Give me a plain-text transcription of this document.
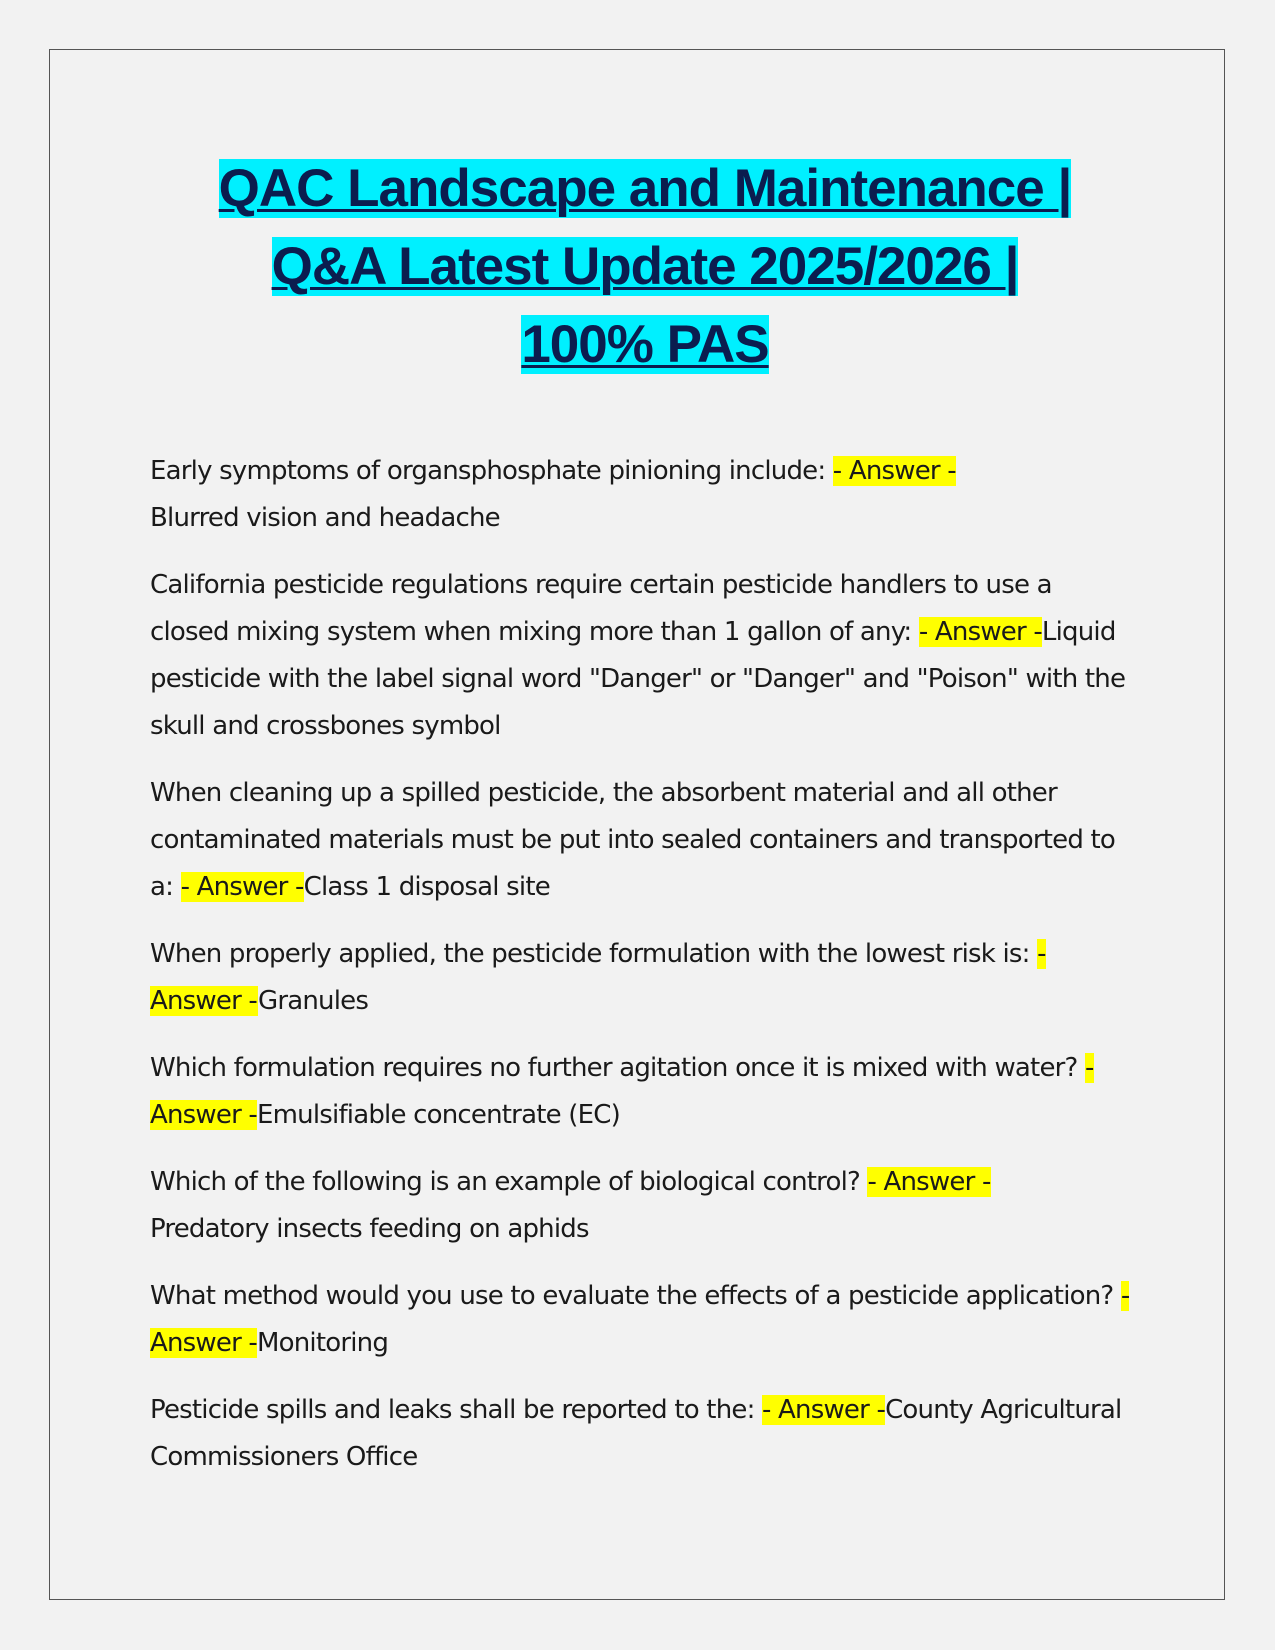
QAC Landscape and Maintenance |
Q&A Latest Update 2025/2026 |
100% PAS

Early symptoms of organsphosphate pinioning include: - Answer -
Blurred vision and headache

California pesticide regulations require certain pesticide handlers to use a closed mixing system when mixing more than 1 gallon of any: - Answer -Liquid pesticide with the label signal word "Danger" or "Danger" and "Poison" with the skull and crossbones symbol

When cleaning up a spilled pesticide, the absorbent material and all other contaminated materials must be put into sealed containers and transported to a: - Answer -Class 1 disposal site

When properly applied, the pesticide formulation with the lowest risk is: - Answer -Granules

Which formulation requires no further agitation once it is mixed with water? - Answer -Emulsifiable concentrate (EC)

Which of the following is an example of biological control? - Answer -
Predatory insects feeding on aphids

What method would you use to evaluate the effects of a pesticide application? - Answer -Monitoring

Pesticide spills and leaks shall be reported to the: - Answer -County Agricultural Commissioners Office
